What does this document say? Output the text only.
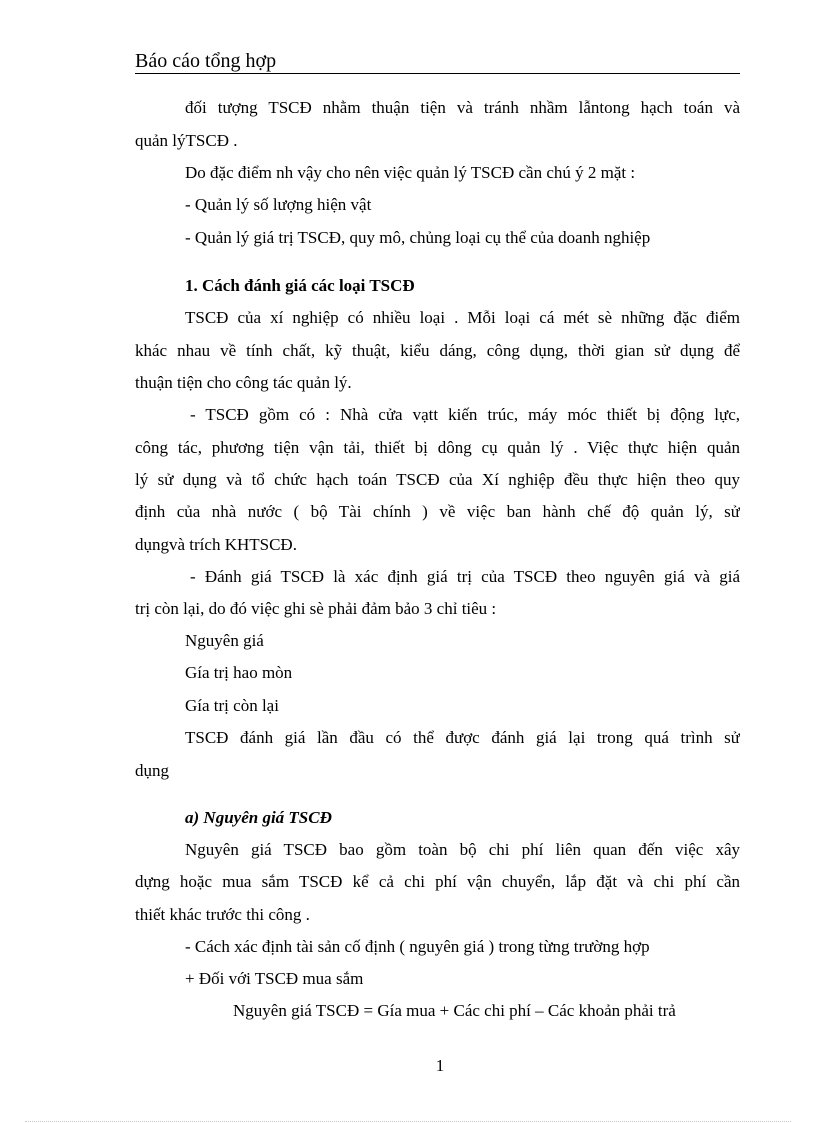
Báo cáo tổng hợp
đối tượng TSCĐ nhằm thuận tiện và tránh nhầm lẫntong hạch toán và
quản lýTSCĐ .
Do đặc điểm nh vậy cho nên việc quản lý TSCĐ cần chú ý 2 mặt :
- Quản lý số lượng hiện vật
- Quản lý giá trị TSCĐ, quy mô, chủng loại cụ thể của doanh nghiệp
1. Cách đánh giá các loại TSCĐ
TSCĐ của xí nghiệp có nhiều loại . Mỗi loại cá mét sè những đặc điểm
khác nhau về tính chất, kỹ thuật, kiểu dáng, công dụng, thời gian sử dụng để
thuận tiện cho công tác quản lý.
- TSCĐ gồm có : Nhà cửa vạtt kiến trúc, máy móc thiết bị động lực,
công tác, phương tiện vận tải, thiết bị dông cụ quản lý . Việc thực hiện quản
lý sử dụng và tổ chức hạch toán TSCĐ của Xí nghiệp đều thực hiện theo quy
định của nhà nước ( bộ Tài chính ) về việc ban hành chế độ quản lý, sử
dụngvà trích KHTSCĐ.
- Đánh giá TSCĐ là xác định giá trị của TSCĐ theo nguyên giá và giá
trị còn lại, do đó việc ghi sè phải đảm bảo 3 chỉ tiêu :
Nguyên giá
Gía trị hao mòn
Gía trị còn lại
TSCĐ đánh giá lần đầu có thể được đánh giá lại trong quá trình sử
dụng
a) Nguyên giá TSCĐ
Nguyên giá TSCĐ bao gồm toàn bộ chi phí liên quan đến việc xây
dựng hoặc mua sắm TSCĐ kể cả chi phí vận chuyển, lắp đặt và chi phí cần
thiết khác trước thi công .
- Cách xác định tài sản cố định ( nguyên giá ) trong từng trường hợp
+ Đối với TSCĐ mua sắm
Nguyên giá TSCĐ = Gía mua + Các chi phí – Các khoản phải trả
1
